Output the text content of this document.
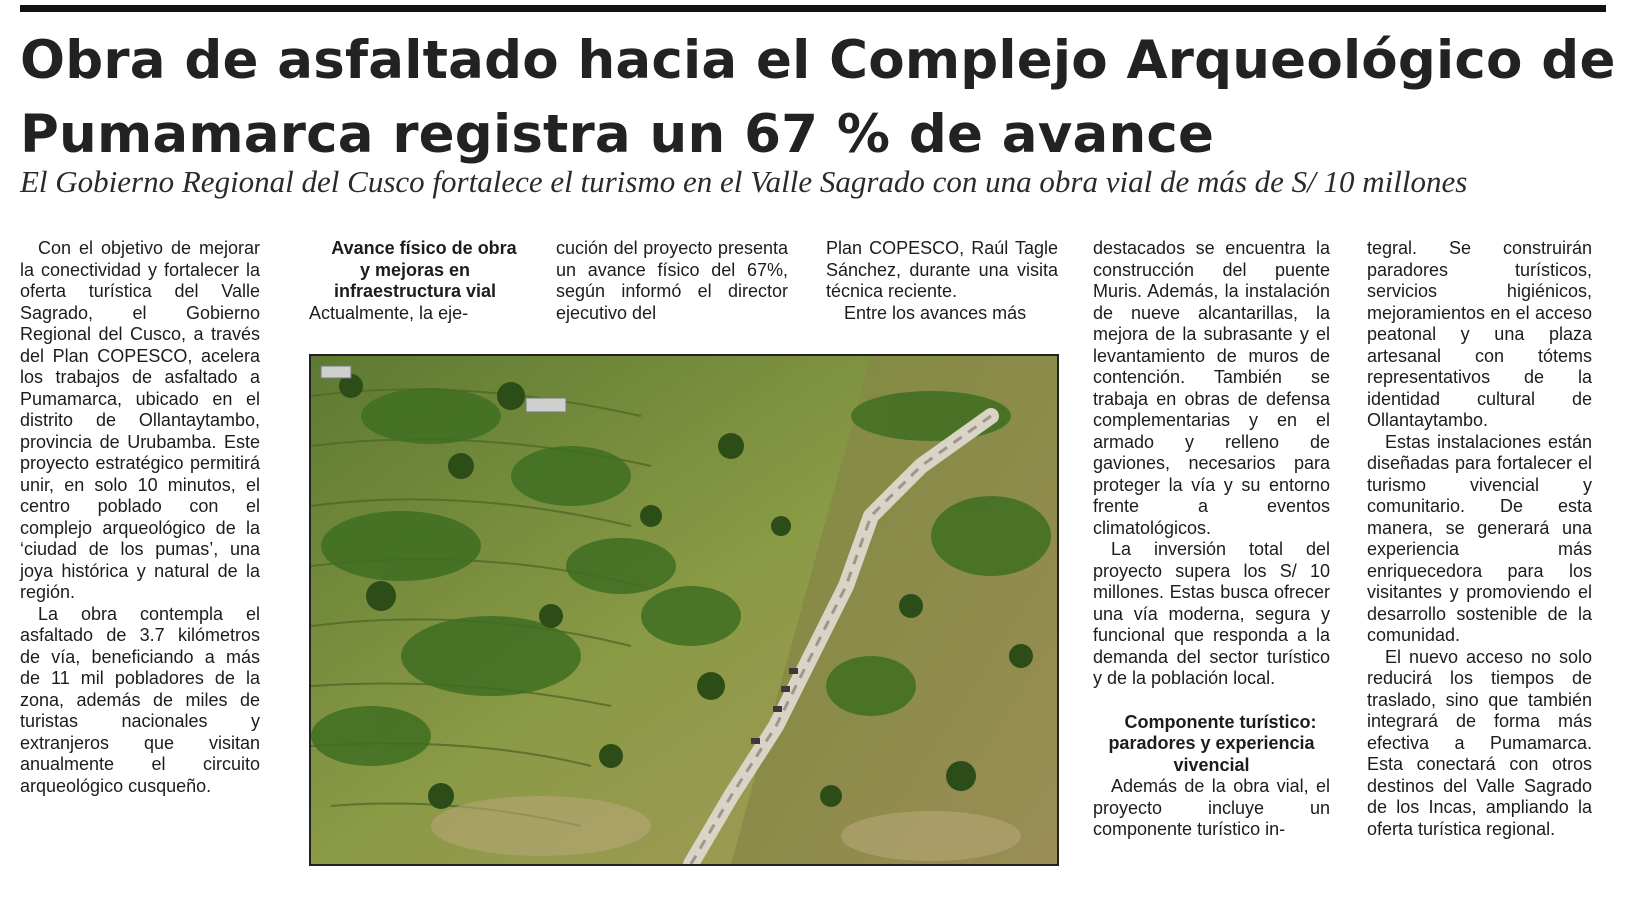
Obra de asfaltado hacia el Complejo Arqueológico de
Pumamarca registra un 67 % de avance

El Gobierno Regional del Cusco fortalece el turismo en el Valle Sagrado con una obra vial de más de S/ 10 millones

Con el objetivo de mejorar la conectividad y fortalecer la oferta turística del Valle Sagrado, el Gobierno Regional del Cusco, a través del Plan COPESCO, acelera los trabajos de asfaltado a Pumamarca, ubicado en el distrito de Ollantaytambo, provincia de Urubamba. Este proyecto estratégico permitirá unir, en solo 10 minutos, el centro poblado con el complejo arqueológico de la ‘ciudad de los pumas’, una joya histórica y natural de la región.

La obra contempla el asfaltado de 3.7 kilómetros de vía, beneficiando a más de 11 mil pobladores de la zona, además de miles de turistas nacionales y extranjeros que visitan anualmente el circuito arqueológico cusqueño.

Avance físico de obra y mejoras en infraestructura vial

Actualmente, la eje-

cución del proyecto presenta un avance físico del 67%, según informó el director ejecutivo del

Plan COPESCO, Raúl Tagle Sánchez, durante una visita técnica reciente.

Entre los avances más

destacados se encuentra la construcción del puente Muris. Además, la instalación de nueve alcantarillas, la mejora de la subrasante y el levantamiento de muros de contención. También se trabaja en obras de defensa complementarias y en el armado y relleno de gaviones, necesarios para proteger la vía y su entorno frente a eventos climatológicos.

La inversión total del proyecto supera los S/ 10 millones. Estas busca ofrecer una vía moderna, segura y funcional que responda a la demanda del sector turístico y de la población local.

Componente turístico: paradores y experiencia vivencial

Además de la obra vial, el proyecto incluye un componente turístico in-

tegral. Se construirán paradores turísticos, servicios higiénicos, mejoramientos en el acceso peatonal y una plaza artesanal con tótems representativos de la identidad cultural de Ollantaytambo.

Estas instalaciones están diseñadas para fortalecer el turismo vivencial y comunitario. De esta manera, se generará una experiencia más enriquecedora para los visitantes y promoviendo el desarrollo sostenible de la comunidad.

El nuevo acceso no solo reducirá los tiempos de traslado, sino que también integrará de forma más efectiva a Pumamarca. Esta conectará con otros destinos del Valle Sagrado de los Incas, ampliando la oferta turística regional.
